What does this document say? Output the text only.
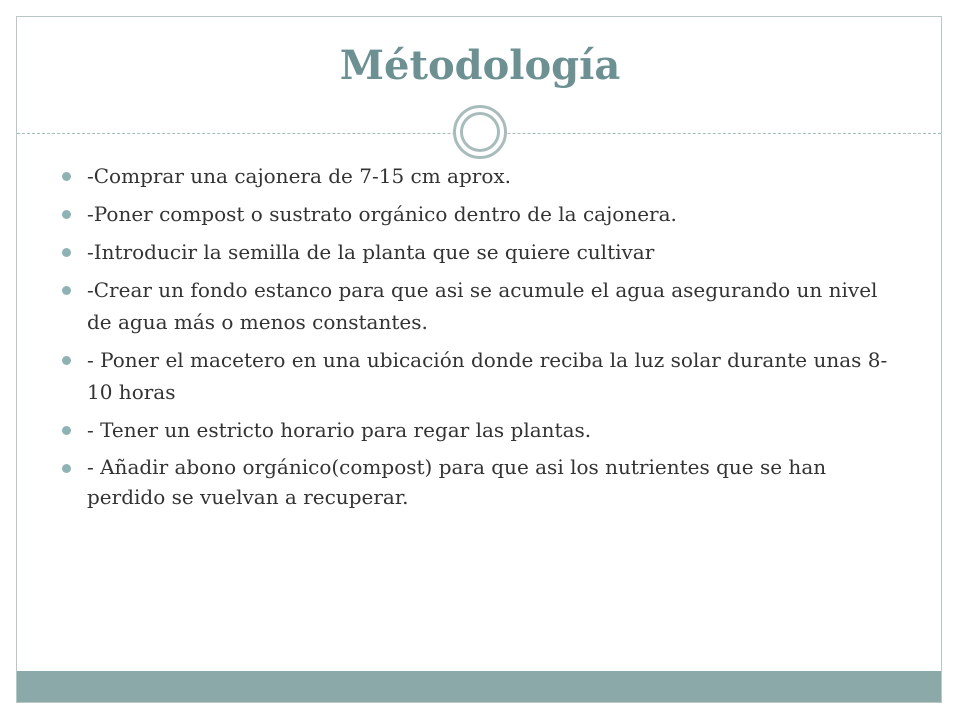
Métodología
-Comprar una cajonera de 7-15 cm aprox.
-Poner compost o sustrato orgánico dentro de la cajonera.
-Introducir la semilla de la planta que se quiere cultivar
-Crear un fondo estanco para que asi se acumule el agua asegurando un nivel de agua más o menos constantes.
- Poner el macetero en una ubicación donde reciba la luz solar durante unas 8-10 horas
- Tener un estricto horario para regar las plantas.
- Añadir abono orgánico(compost) para que asi los nutrientes que se han perdido se vuelvan a recuperar.
